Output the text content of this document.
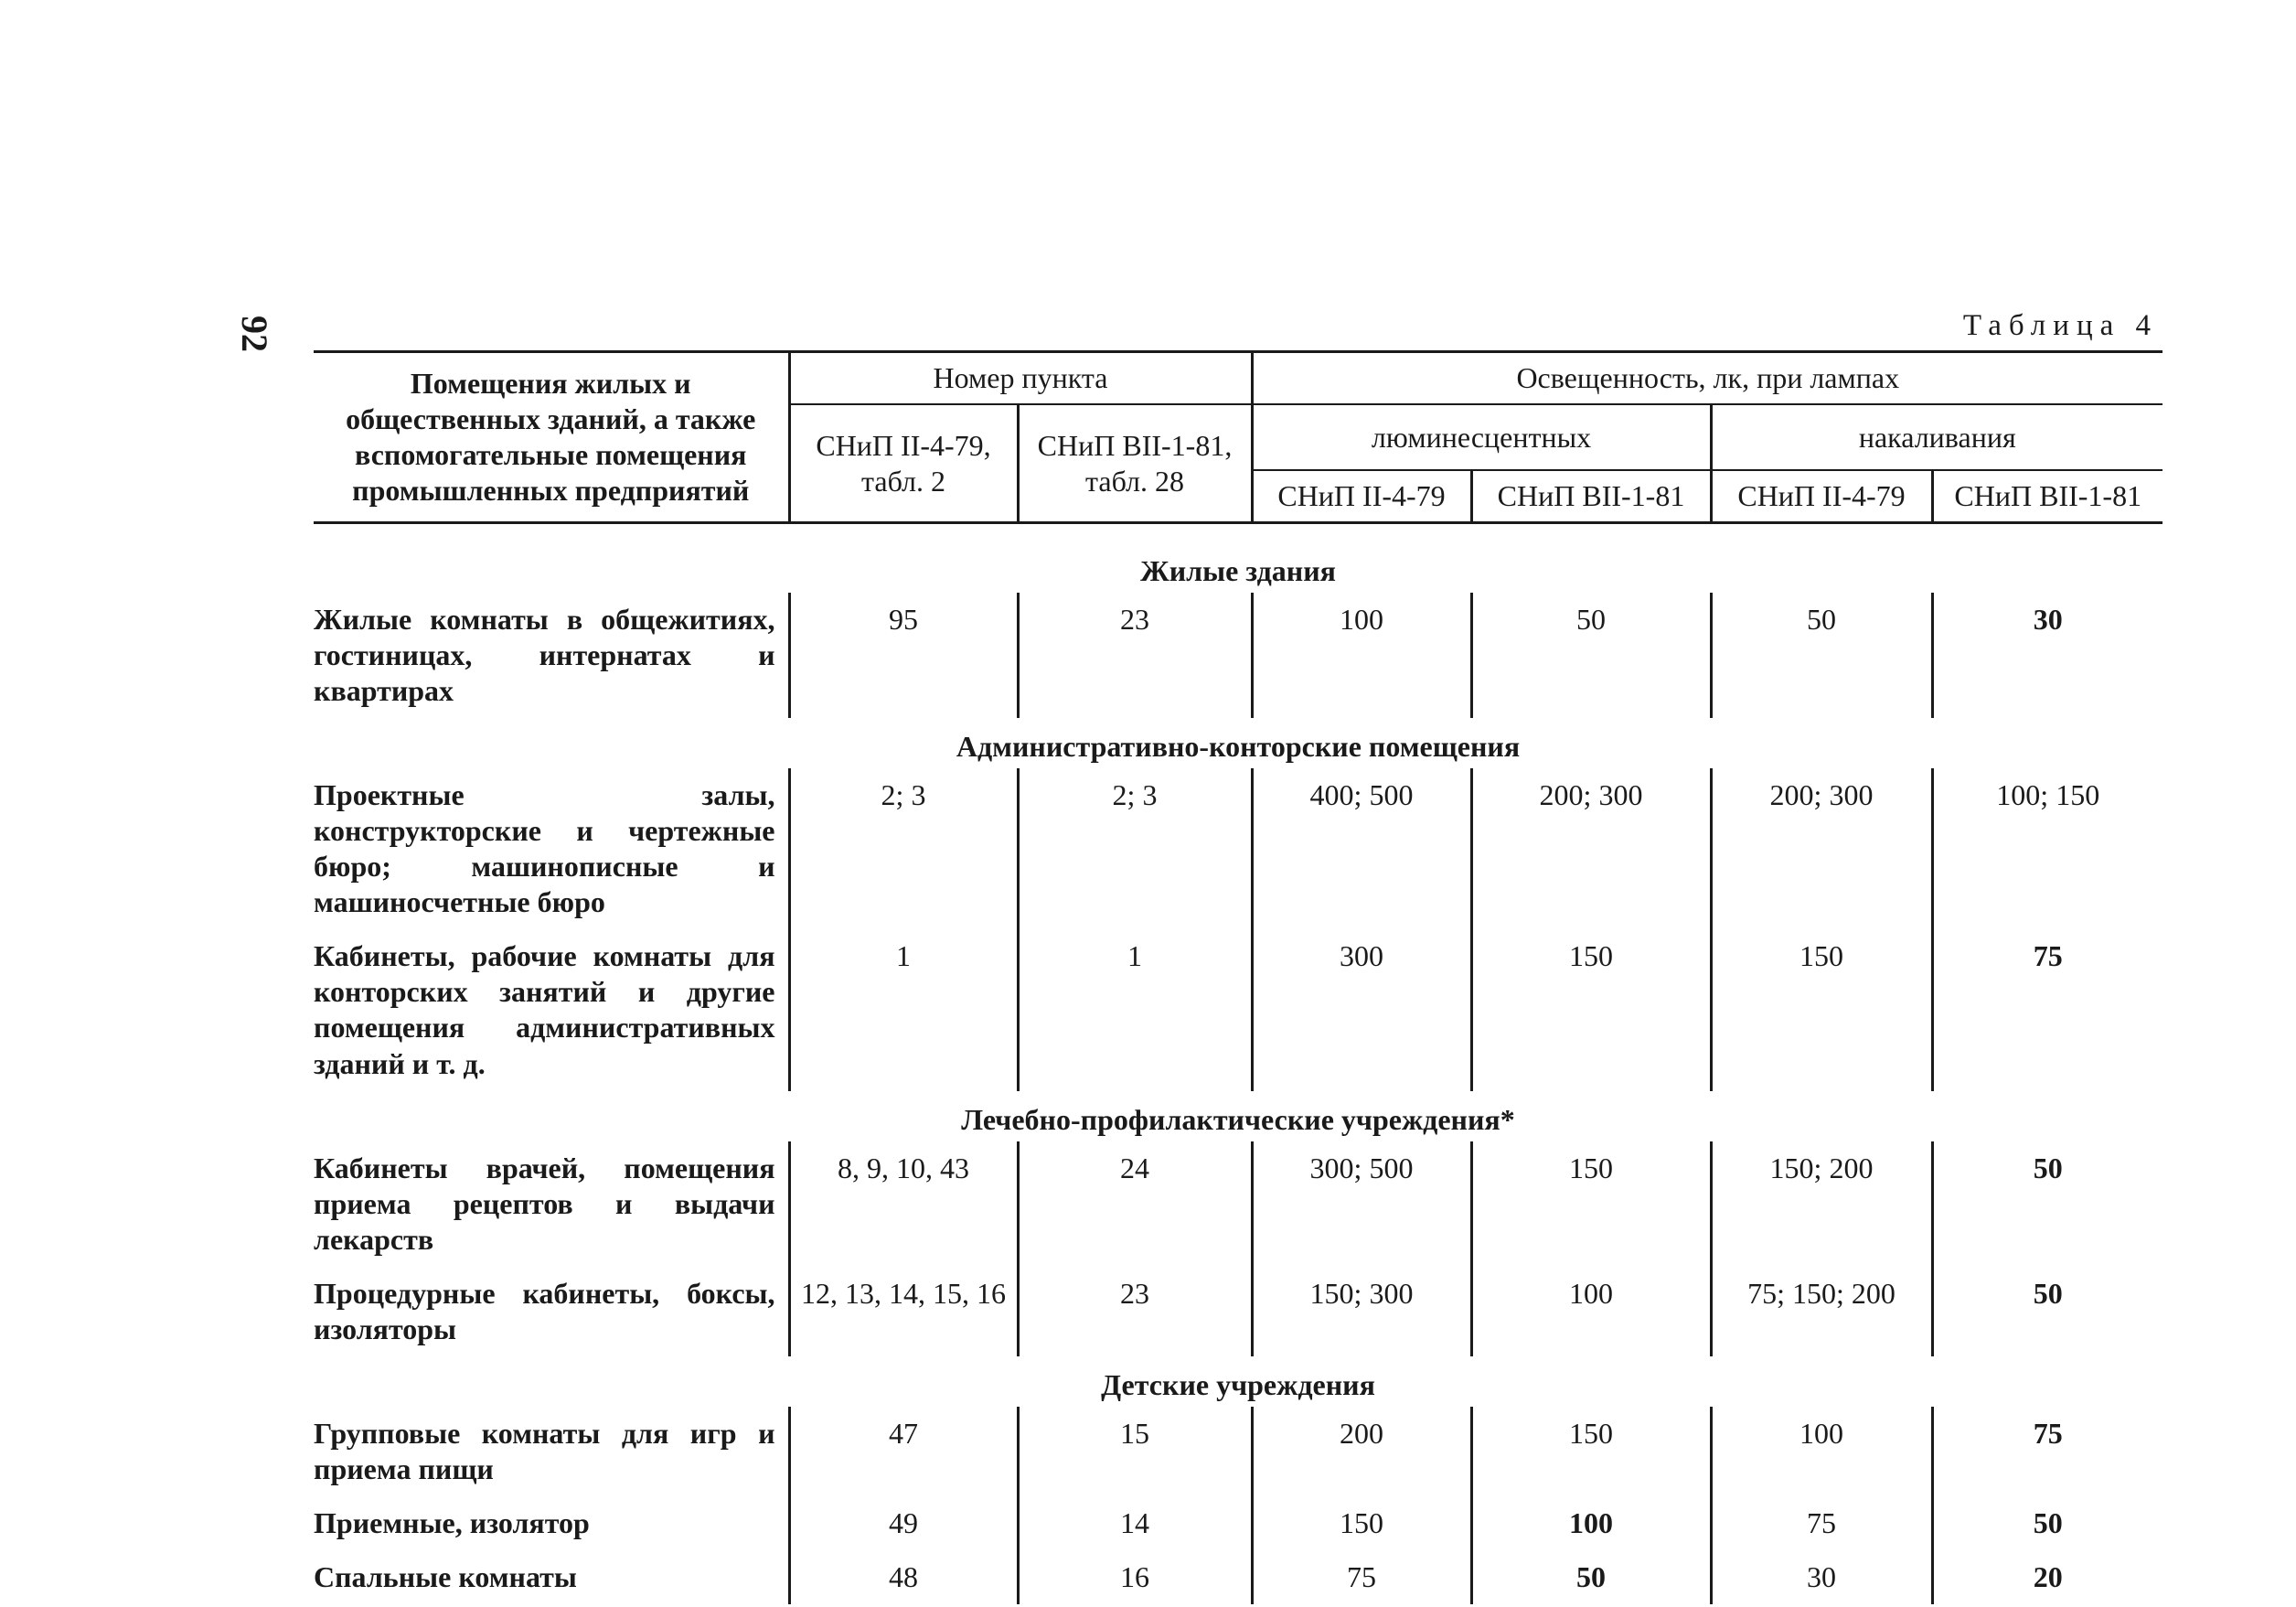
92	Таблица 4
Помещения жилых и общественных зданий, а также вспомогательные помещения промышленных предприятий	Номер пункта		Освещенность, лк, при лампах			
	СНиП II-4-79, табл. 2	СНиП ВII-1-81, табл. 28	люминесцентных		накаливания	
			СНиП II-4-79	СНиП ВII-1-81	СНиП II-4-79	СНиП ВII-1-81

Жилые здания						
Жилые комнаты в общежитиях, гостиницах, интернатах и квартирах	95	23	100	50	50	30
Административно-конторские помещения						
Проектные залы, конструкторские и чертежные бюро; машинописные и машиносчетные бюро	2; 3	2; 3	400; 500	200; 300	200; 300	100; 150
Кабинеты, рабочие комнаты для конторских занятий и другие помещения административных зданий и т. д.	1	1	300	150	150	75
Лечебно-профилактические учреждения*						
Кабинеты врачей, помещения приема рецептов и выдачи лекарств	8, 9, 10, 43	24	300; 500	150	150; 200	50
Процедурные кабинеты, боксы, изоляторы	12, 13, 14, 15, 16	23	150; 300	100	75; 150; 200	50
Детские учреждения						
Групповые комнаты для игр и приема пищи	47	15	200	150	100	75
Приемные, изолятор	49	14	150	100	75	50
Спальные комнаты	48	16	75	50	30	20
